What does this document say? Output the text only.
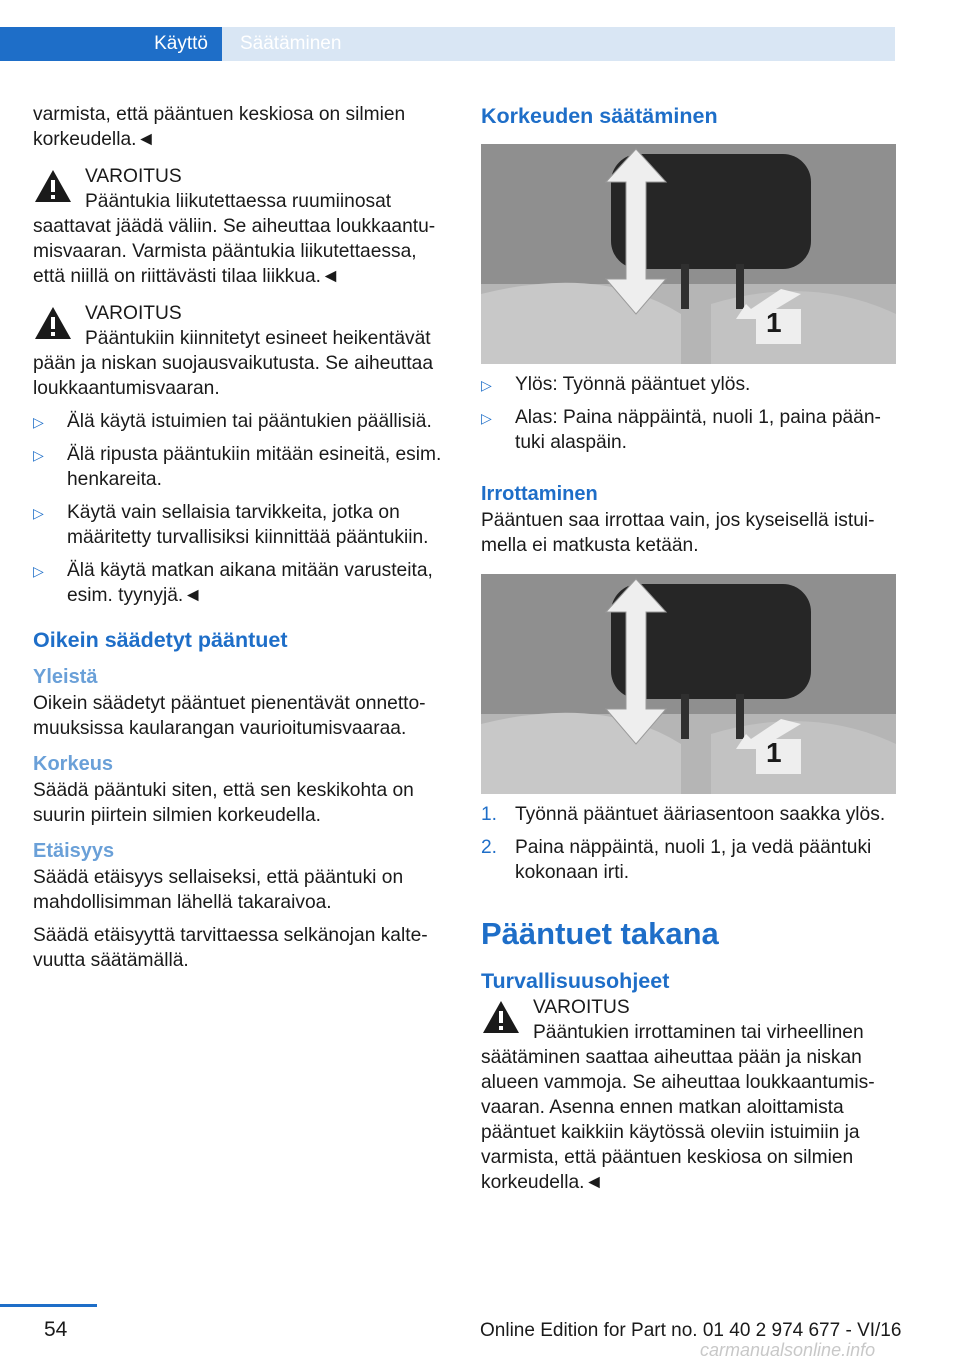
Käyttö Säätäminen

varmista, että pääntuen keskiosa on silmien korkeudella.◄

VAROITUS

Pääntukia liikutettaessa ruumiinosat

saattavat jäädä väliin. Se aiheuttaa loukkaantumisvaaran. Varmista pääntukia liikutettaessa, että niillä on riittävästi tilaa liikkua.◄

VAROITUS

Pääntukiin kiinnitetyt esineet heikentävät

pään ja niskan suojausvaikutusta. Se aiheuttaa loukkaantumisvaaran.

▷ Älä käytä istuimien tai pääntukien päällisiä.
▷ Älä ripusta pääntukiin mitään esineitä, esim. henkareita.
▷ Käytä vain sellaisia tarvikkeita, jotka on määritetty turvallisiksi kiinnittää pääntukiin.
▷ Älä käytä matkan aikana mitään varusteita, esim. tyynyjä.◄

Oikein säädetyt pääntuet

Yleistä

Oikein säädetyt pääntuet pienentävät onnettomuuksissa kaularangan vaurioitumisvaaraa.

Korkeus

Säädä pääntuki siten, että sen keskikohta on suurin piirtein silmien korkeudella.

Etäisyys

Säädä etäisyys sellaiseksi, että pääntuki on mahdollisimman lähellä takaraivoa.

Säädä etäisyyttä tarvittaessa selkänojan kaltevuutta säätämällä.

Korkeuden säätäminen

1
▷ Ylös: Työnnä pääntuet ylös.
▷ Alas: Paina näppäintä, nuoli 1, paina pääntuki alaspäin.

Irrottaminen

Pääntuen saa irrottaa vain, jos kyseisellä istuimella ei matkusta ketään.

1
1. Työnnä pääntuet ääriasentoon saakka ylös.
2. Paina näppäintä, nuoli 1, ja vedä pääntuki kokonaan irti.

Pääntuet takana

Turvallisuusohjeet

VAROITUS

Pääntukien irrottaminen tai virheellinen

säätäminen saattaa aiheuttaa pään ja niskan alueen vammoja. Se aiheuttaa loukkaantumisvaaran. Asenna ennen matkan aloittamista pääntuet kaikkiin käytössä oleviin istuimiin ja varmista, että pääntuen keskiosa on silmien korkeudella.◄

54	Online Edition for Part no. 01 40 2 974 677 - VI/16
carmanualsonline.info
